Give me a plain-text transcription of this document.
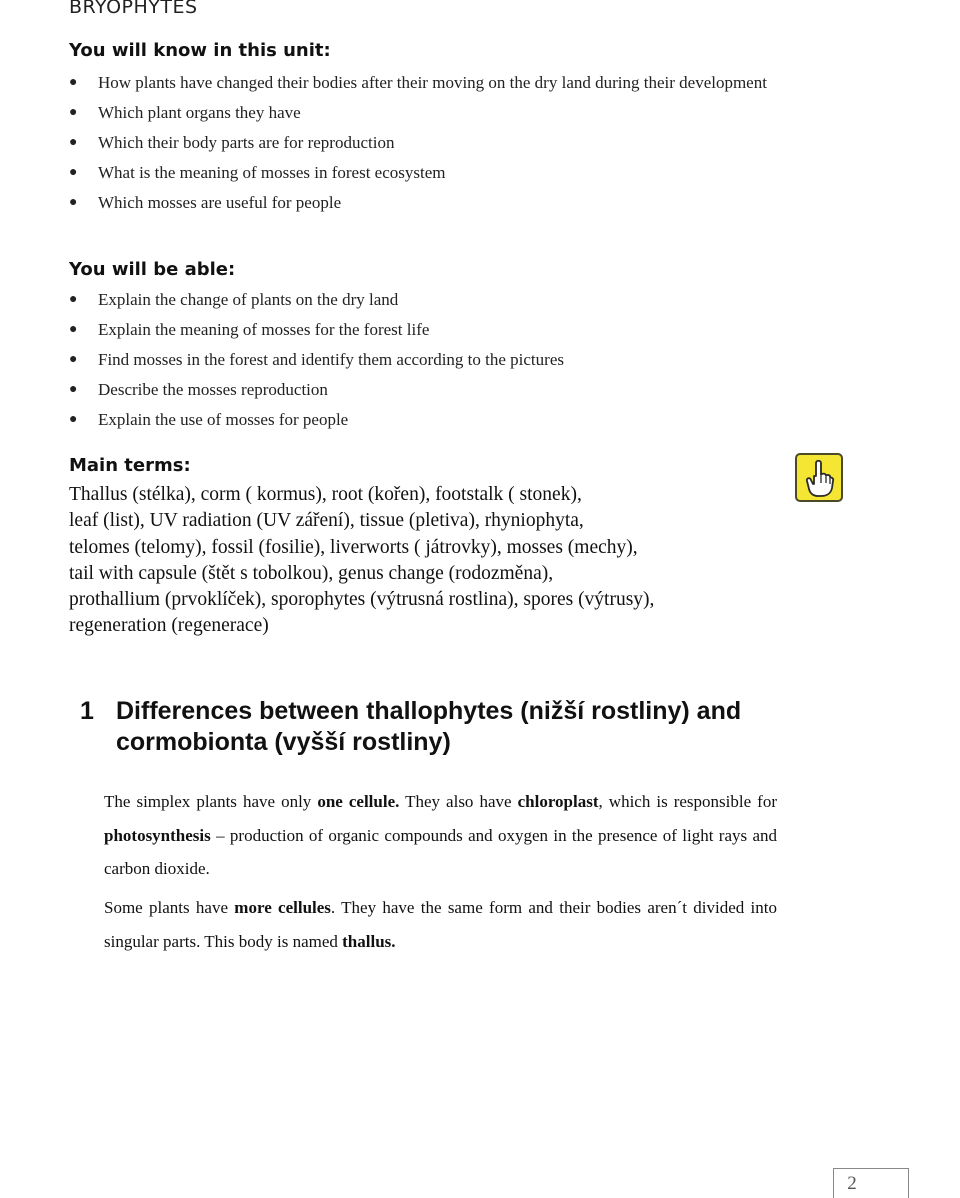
BRYOPHYTES
You will know in this unit:
● How plants have changed their bodies after their moving on the dry land during their development
● Which plant organs they have
● Which their body parts are for reproduction
● What is the meaning of mosses in forest ecosystem
● Which mosses are useful for people
You will be able:
● Explain the change of plants on the dry land
● Explain the meaning of mosses for the forest life
● Find mosses in the forest and identify them according to the pictures
● Describe the mosses reproduction
● Explain the use of mosses for people
Main terms:
Thallus (stélka), corm ( kormus), root (kořen), footstalk ( stonek),
leaf (list), UV radiation (UV záření), tissue (pletiva), rhyniophyta,
telomes (telomy), fossil (fosilie), liverworts ( játrovky), mosses (mechy),
tail with capsule (štět s tobolkou), genus change (rodozměna),
prothallium (prvoklíček), sporophytes (výtrusná rostlina), spores (výtrusy),
regeneration (regenerace)
1 Differences between thallophytes (nižší rostliny) and cormobionta (vyšší rostliny)
The simplex plants have only one cellule. They also have chloroplast, which is responsible for photosynthesis – production of organic compounds and oxygen in the presence of light rays and carbon dioxide.
Some plants have more cellules. They have the same form and their bodies aren´t divided into singular parts. This body is named thallus.
2
